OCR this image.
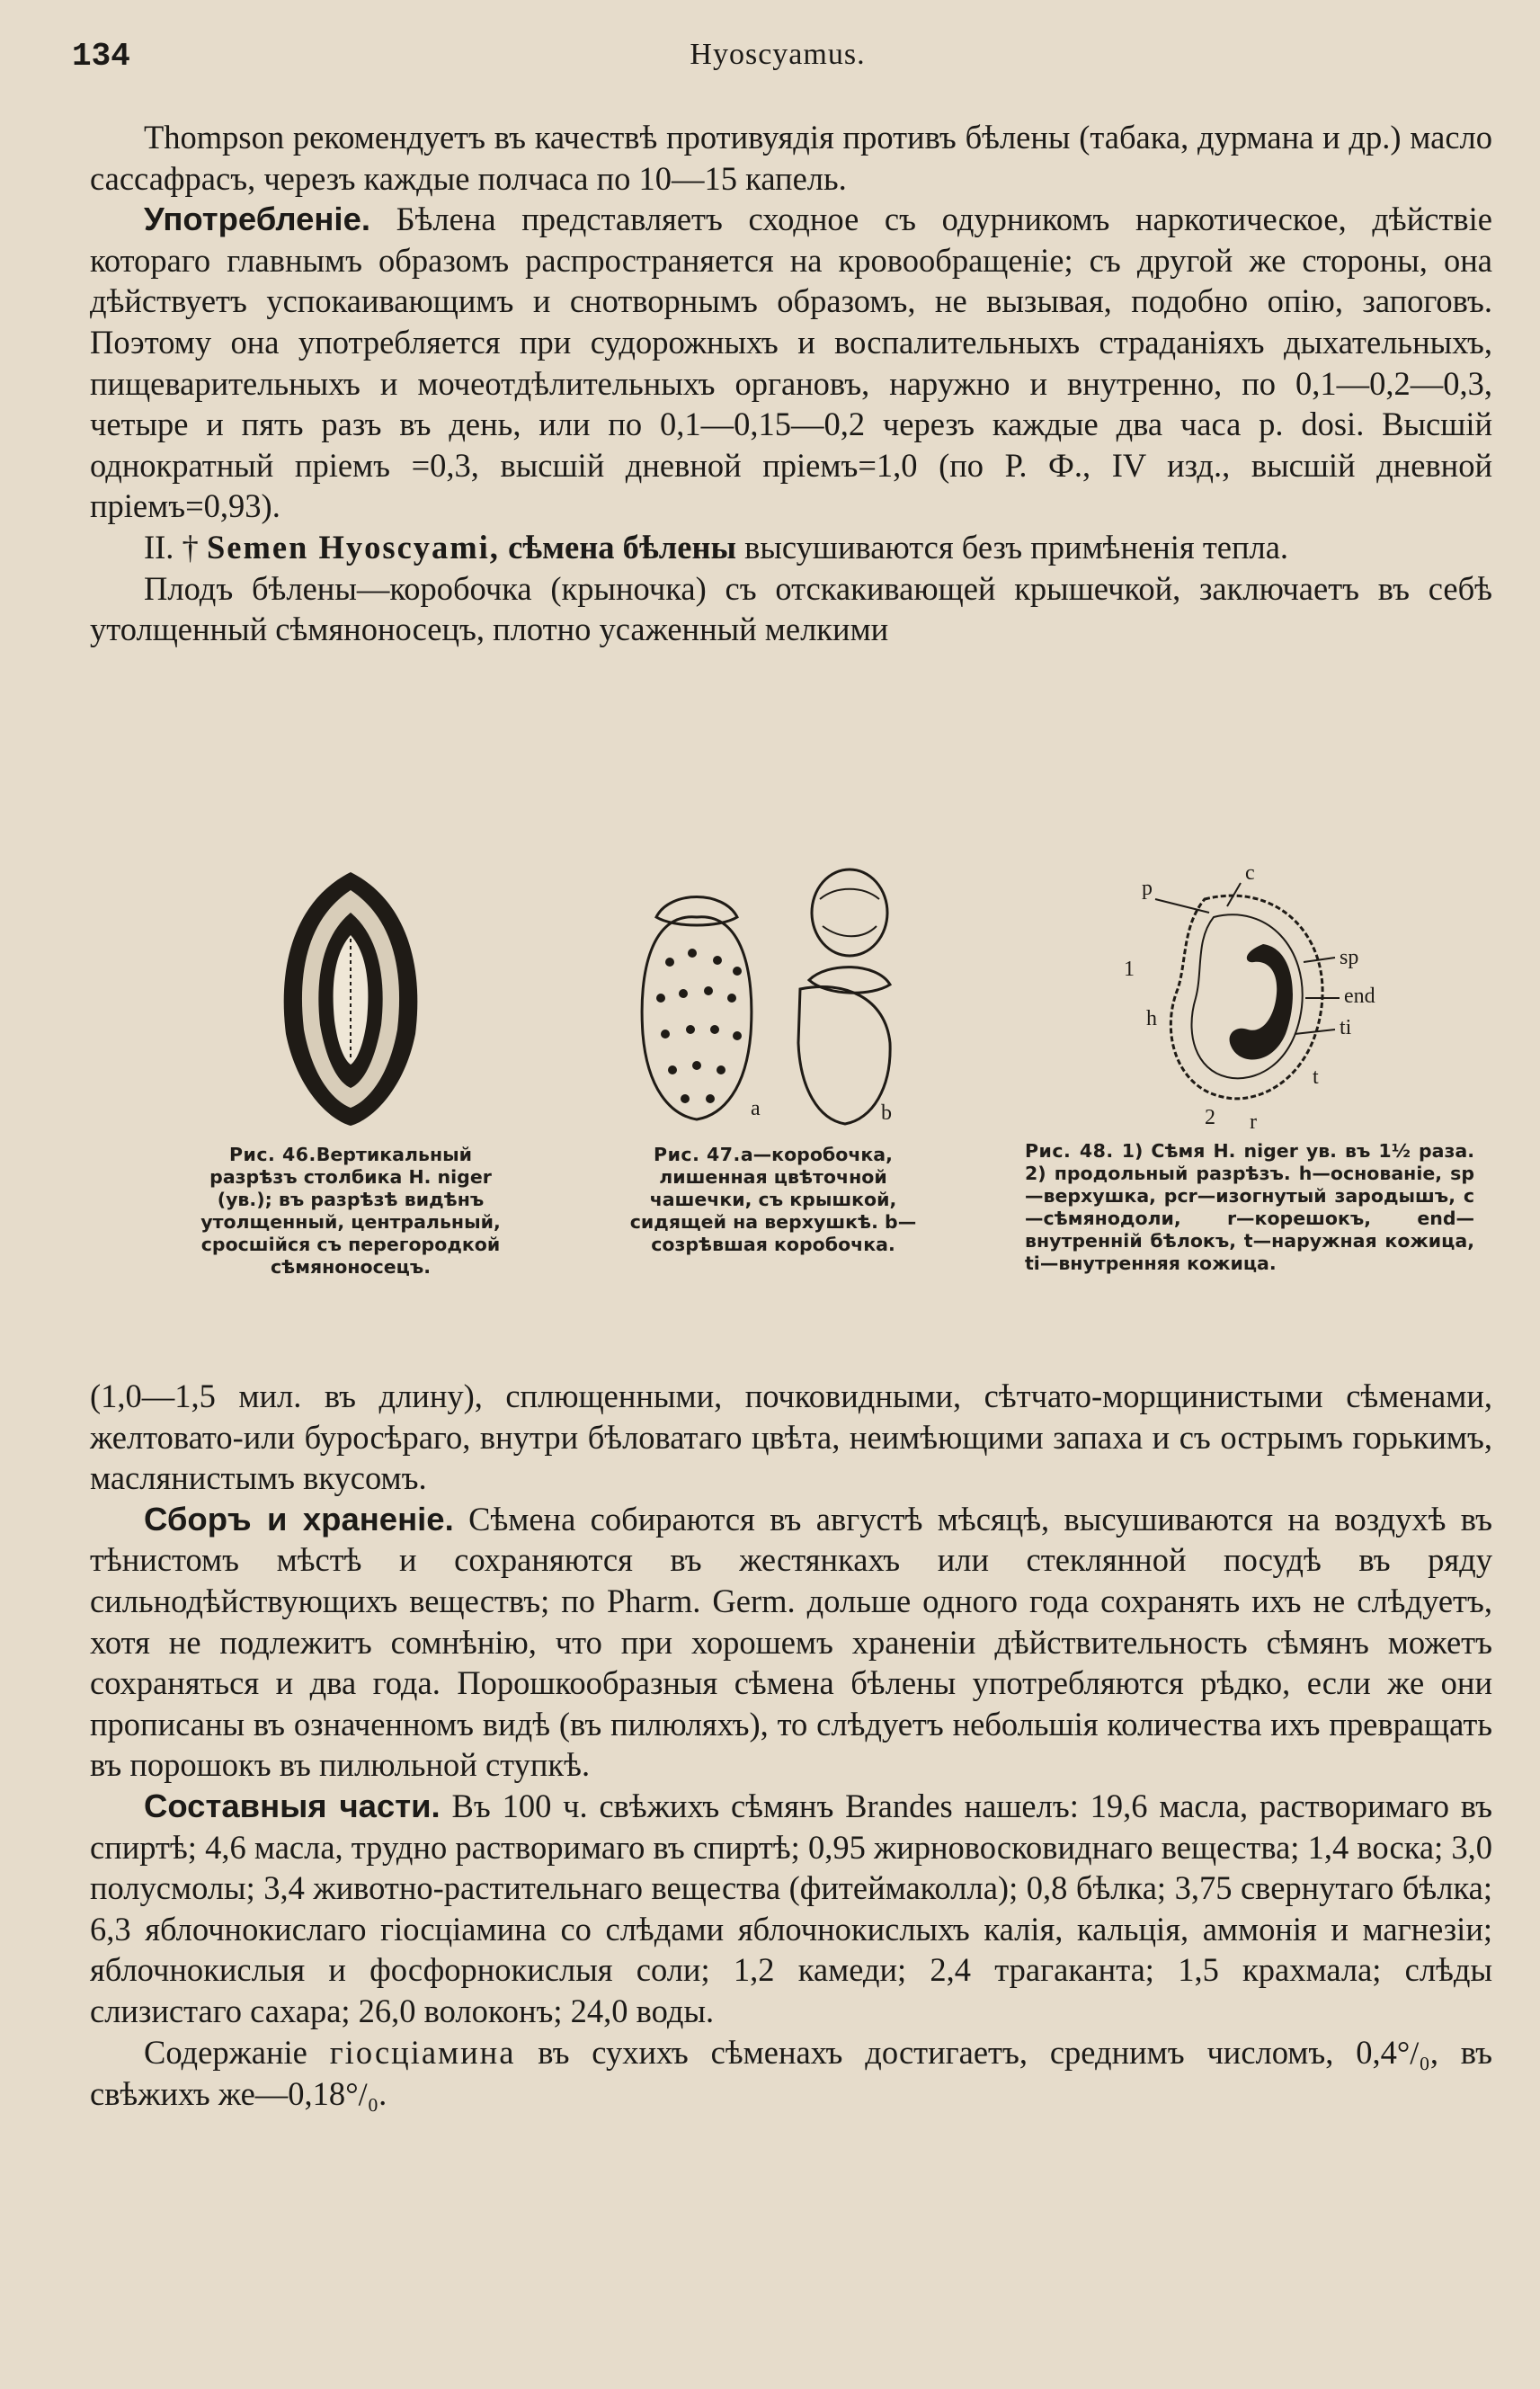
134	Hyoscyamus.

Thompson рекомендуетъ въ качествѣ противуядія противъ бѣлены (табака, дурмана и др.) масло сассафрасъ, черезъ каждые полчаса по 10—15 капель.

Употребленіе. Бѣлена представляетъ сходное съ одурникомъ наркотическое, дѣйствіе котораго главнымъ образомъ распространяется на кровообращеніе; съ другой же стороны, она дѣйствуетъ успокаивающимъ и снотворнымъ образомъ, не вызывая, подобно опію, запоговъ. Поэтому она употребляется при судорожныхъ и воспалительныхъ страданіяхъ дыхательныхъ, пищеварительныхъ и мочеотдѣлительныхъ органовъ, наружно и внутренно, по 0,1—0,2—0,3, четыре и пять разъ въ день, или по 0,1—0,15—0,2 черезъ каждые два часа p. dosi. Высшій однократный пріемъ =0,3, высшій дневной пріемъ=1,0 (по Р. Ф., IV изд., высшій дневной пріемъ=0,93).

II. † Semen Hyoscyami, сѣмена бѣлены высушиваются безъ примѣненія тепла.

Плодъ бѣлены—коробочка (крыночка) съ отскакивающей крышечкой, заключаетъ въ себѣ утолщенный сѣмяноносецъ, плотно усаженный мелкими

Рис. 46.Вертикальный разрѣзъ столбика H. niger (ув.); въ разрѣзѣ видѣнъ утолщенный, центральный, сросшійся съ перегородкой сѣмяноносецъ.
a	b
Рис. 47.a—коробочка, лишенная цвѣточной чашечки, съ крышкой, сидящей на верхушкѣ. b—созрѣвшая коробочка.
p
c
sp
end
ti
t
1
h
2 r
Рис. 48. 1) Сѣмя H. niger ув. въ 1½ раза. 2) продольный разрѣзъ. h—основаніе, sp—верхушка, pcr—изогнутый зародышъ, c—сѣмянодоли, r—корешокъ, end—внутренній бѣлокъ, t—наружная кожица, ti—внутренняя кожица.

(1,0—1,5 мил. въ длину), сплющенными, почковидными, сѣтчато-морщинистыми сѣменами, желтовато-или буросѣраго, внутри бѣловатаго цвѣта, неимѣющими запаха и съ острымъ горькимъ, маслянистымъ вкусомъ.

Сборъ и храненіе. Сѣмена собираются въ августѣ мѣсяцѣ, высушиваются на воздухѣ въ тѣнистомъ мѣстѣ и сохраняются въ жестянкахъ или стеклянной посудѣ въ ряду сильнодѣйствующихъ веществъ; по Pharm. Germ. дольше одного года сохранять ихъ не слѣдуетъ, хотя не подлежитъ сомнѣнію, что при хорошемъ храненіи дѣйствительность сѣмянъ можетъ сохраняться и два года. Порошкообразныя сѣмена бѣлены употребляются рѣдко, если же они прописаны въ означенномъ видѣ (въ пилюляхъ), то слѣдуетъ небольшія количества ихъ превращать въ порошокъ въ пилюльной ступкѣ.

Составныя части. Въ 100 ч. свѣжихъ сѣмянъ Brandes нашелъ: 19,6 масла, растворимаго въ спиртѣ; 4,6 масла, трудно растворимаго въ спиртѣ; 0,95 жирновосковиднаго вещества; 1,4 воска; 3,0 полусмолы; 3,4 животно-растительнаго вещества (фитеймаколла); 0,8 бѣлка; 3,75 свернутаго бѣлка; 6,3 яблочнокислаго гіосціамина со слѣдами яблочнокислыхъ калія, кальція, аммонія и магнезіи; яблочнокислыя и фосфорнокислыя соли; 1,2 камеди; 2,4 трагаканта; 1,5 крахмала; слѣды слизистаго сахара; 26,0 волоконъ; 24,0 воды.

Содержаніе гіосціамина въ сухихъ сѣменахъ достигаетъ, среднимъ числомъ, 0,4°/₀, въ свѣжихъ же—0,18°/₀.
